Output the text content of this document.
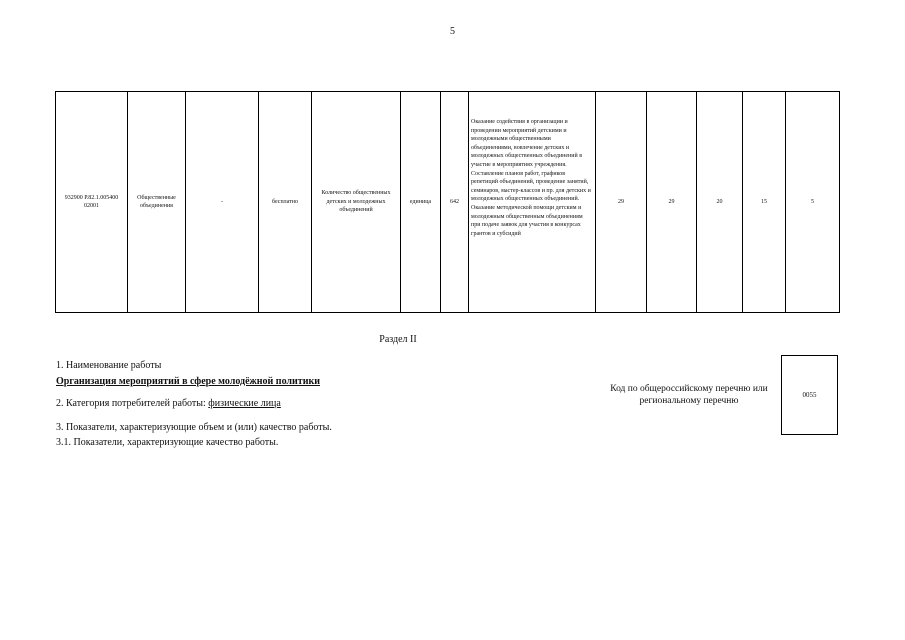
5
932900 Р.82.1.005400 02001	Общественные объединения	-	бесплатно	Количество общественных детских и молодежных объединений	единица	642	Оказание содействия в организации и проведении мероприятий детскими и молодежными общественными объединениями, вовлечение детских и молодежных общественных объединений в участие в мероприятиях учреждения. Составление планов работ, графиков репетиций объединений, проведение занятий, семинаров, мастер-классов и пр. для детских и молодежных общественных объединений. Оказание методической помощи детским и молодежным общественным объединениям при подаче заявок для участия в конкурсах грантов и субсидий	29	29	20	15	5
Раздел II
1. Наименование работы
Организация мероприятий в сфере молодёжной политики
2. Категория потребителей работы: физические лица
3. Показатели, характеризующие объем и (или) качество работы.
3.1. Показатели, характеризующие качество работы.
Код по общероссийскому перечню или региональному перечню
0055
